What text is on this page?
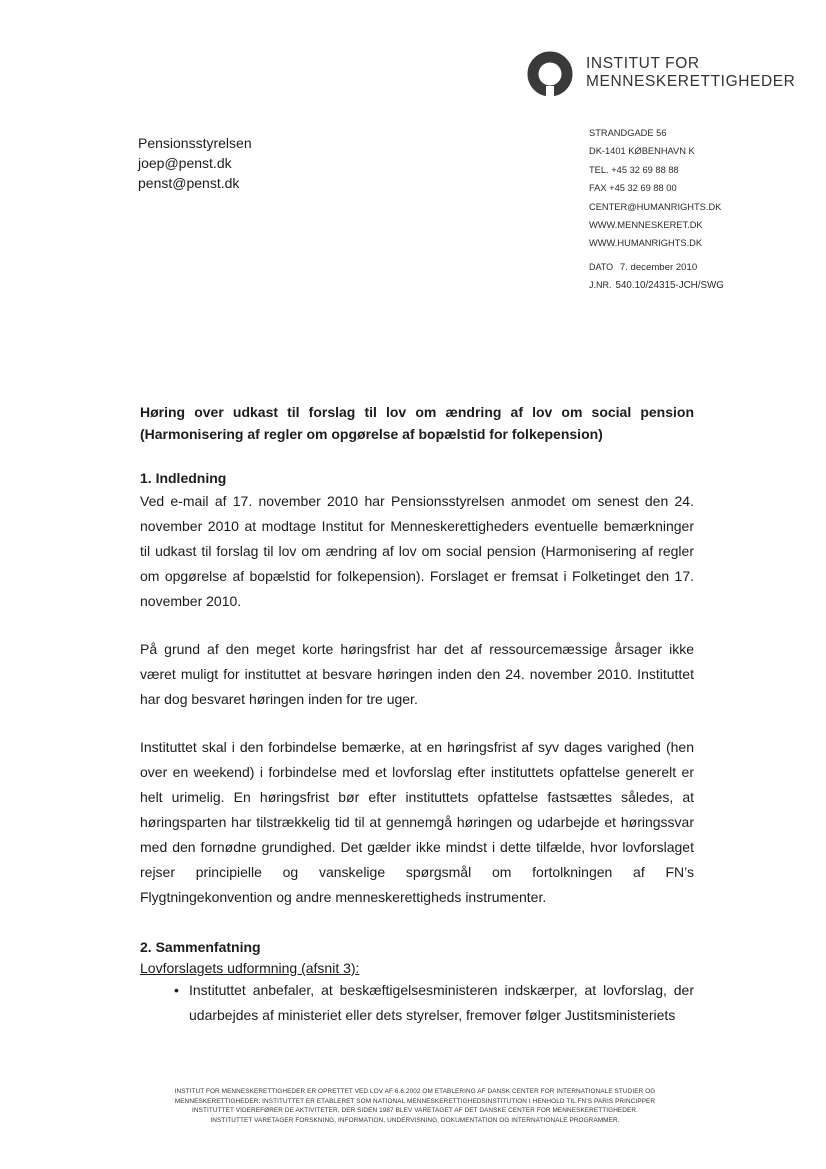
INSTITUT FOR
MENNESKERETTIGHEDER
Pensionsstyrelsen
joep@penst.dk
penst@penst.dk
STRANDGADE 56
DK-1401 KØBENHAVN K
TEL. +45 32 69 88 88
FAX +45 32 69 88 00
CENTER@HUMANRIGHTS.DK
WWW.MENNESKERET.DK
WWW.HUMANRIGHTS.DK
DATO 7. december 2010
J.NR. 540.10/24315-JCH/SWG

Høring over udkast til forslag til lov om ændring af lov om social pension (Harmonisering af regler om opgørelse af bopælstid for folkepension)

1. Indledning

Ved e-mail af 17. november 2010 har Pensionsstyrelsen anmodet om senest den 24. november 2010 at modtage Institut for Menneskerettigheders eventuelle bemærkninger til udkast til forslag til lov om ændring af lov om social pension (Harmonisering af regler om opgørelse af bopælstid for folkepension). Forslaget er fremsat i Folketinget den 17. november 2010.

På grund af den meget korte høringsfrist har det af ressourcemæssige årsager ikke været muligt for instituttet at besvare høringen inden den 24. november 2010. Instituttet har dog besvaret høringen inden for tre uger.

Instituttet skal i den forbindelse bemærke, at en høringsfrist af syv dages varighed (hen over en weekend) i forbindelse med et lovforslag efter instituttets opfattelse generelt er helt urimelig. En høringsfrist bør efter instituttets opfattelse fastsættes således, at høringsparten har tilstrækkelig tid til at gennemgå høringen og udarbejde et høringssvar med den fornødne grundighed. Det gælder ikke mindst i dette tilfælde, hvor lovforslaget rejser principielle og vanskelige spørgsmål om fortolkningen af FN’s Flygtningekonvention og andre menneskerettigheds instrumenter.

2. Sammenfatning

Lovforslagets udformning (afsnit 3):

• Instituttet anbefaler, at beskæftigelsesministeren indskærper, at lovforslag, der udarbejdes af ministeriet eller dets styrelser, fremover følger Justitsministeriets
INSTITUT FOR MENNESKERETTIGHEDER ER OPRETTET VED LOV AF 6.6.2002 OM ETABLERING AF DANSK CENTER FOR INTERNATIONALE STUDIER OG
MENNESKERETTIGHEDER. INSTITUTTET ER ETABLERET SOM NATIONAL MENNESKERETTIGHEDSINSTITUTION I HENHOLD TIL FN’S PARIS PRINCIPPER
INSTITUTTET VIDEREFØRER DE AKTIVITETER, DER SIDEN 1987 BLEV VARETAGET AF DET DANSKE CENTER FOR MENNESKERETTIGHEDER.
INSTITUTTET VARETAGER FORSKNING, INFORMATION, UNDERVISNING, DOKUMENTATION OG INTERNATIONALE PROGRAMMER.
